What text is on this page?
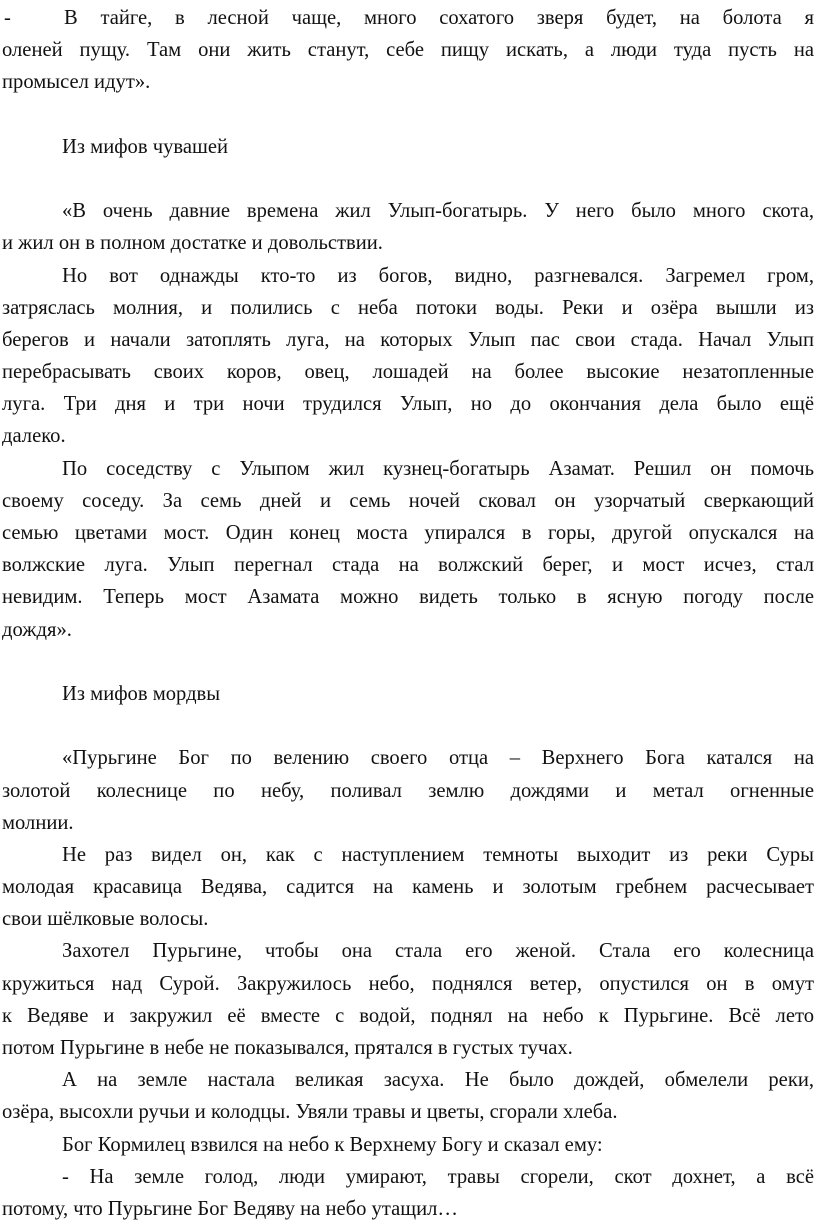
-	В тайге, в лесной чаще, много сохатого зверя будет, на болота я
оленей пущу. Там они жить станут, себе пищу искать, а люди туда пусть на
промысел идут».
Из мифов чувашей
«В очень давние времена жил Улып-богатырь. У него было много скота,
и жил он в полном достатке и довольствии.
Но вот однажды кто-то из богов, видно, разгневался. Загремел гром,
затряслась молния, и полились с неба потоки воды. Реки и озёра вышли из
берегов и начали затоплять луга, на которых Улып пас свои стада. Начал Улып
перебрасывать своих коров, овец, лошадей на более высокие незатопленные
луга. Три дня и три ночи трудился Улып, но до окончания дела было ещё
далеко.
По соседству с Улыпом жил кузнец-богатырь Азамат. Решил он помочь
своему соседу. За семь дней и семь ночей сковал он узорчатый сверкающий
семью цветами мост. Один конец моста упирался в горы, другой опускался на
волжские луга. Улып перегнал стада на волжский берег, и мост исчез, стал
невидим. Теперь мост Азамата можно видеть только в ясную погоду после
дождя».
Из мифов мордвы
«Пурьгине Бог по велению своего отца – Верхнего Бога катался на
золотой колеснице по небу, поливал землю дождями и метал огненные
молнии.
Не раз видел он, как с наступлением темноты выходит из реки Суры
молодая красавица Ведява, садится на камень и золотым гребнем расчесывает
свои шёлковые волосы.
Захотел Пурьгине, чтобы она стала его женой. Стала его колесница
кружиться над Сурой. Закружилось небо, поднялся ветер, опустился он в омут
к Ведяве и закружил её вместе с водой, поднял на небо к Пурьгине. Всё лето
потом Пурьгине в небе не показывался, прятался в густых тучах.
А на земле настала великая засуха. Не было дождей, обмелели реки,
озёра, высохли ручьи и колодцы. Увяли травы и цветы, сгорали хлеба.
Бог Кормилец взвился на небо к Верхнему Богу и сказал ему:
- На земле голод, люди умирают, травы сгорели, скот дохнет, а всё
потому, что Пурьгине Бог Ведяву на небо утащил…
